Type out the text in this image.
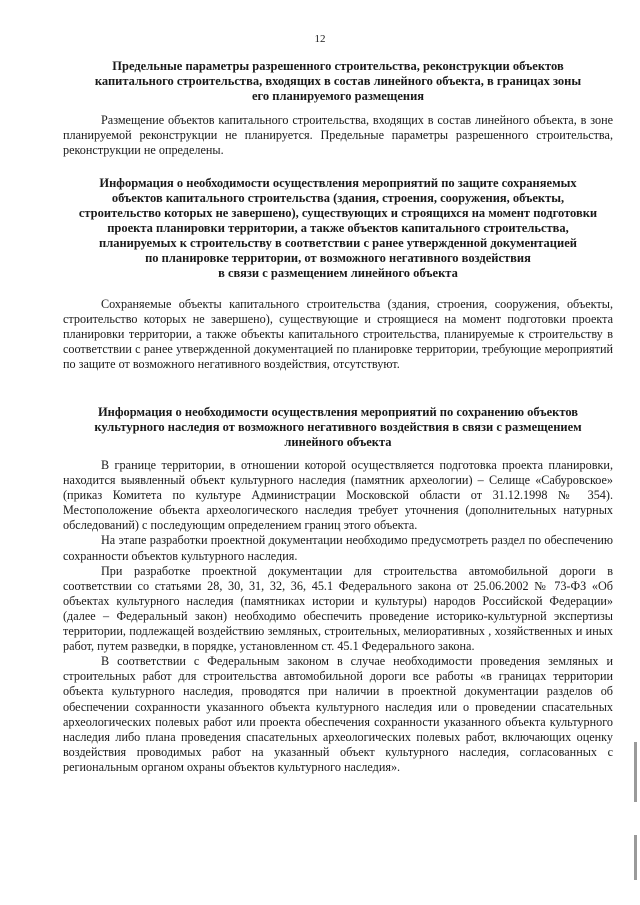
12
Предельные параметры разрешенного строительства, реконструкции объектов
капитального строительства, входящих в состав линейного объекта, в границах зоны
его планируемого размещения

Размещение объектов капитального строительства, входящих в состав линейного объекта, в зоне планируемой реконструкции не планируется. Предельные параметры разрешенного строительства, реконструкции не определены.

Информация о необходимости осуществления мероприятий по защите сохраняемых
объектов капитального строительства (здания, строения, сооружения, объекты,
строительство которых не завершено), существующих и строящихся на момент подготовки
проекта планировки территории, а также объектов капитального строительства,
планируемых к строительству в соответствии с ранее утвержденной документацией
по планировке территории, от возможного негативного воздействия
в связи с размещением линейного объекта

Сохраняемые объекты капитального строительства (здания, строения, сооружения, объекты, строительство которых не завершено), существующие и строящиеся на момент подготовки проекта планировки территории, а также объекты капитального строительства, планируемые к строительству в соответствии с ранее утвержденной документацией по планировке территории, требующие мероприятий по защите от возможного негативного воздействия, отсутствуют.

Информация о необходимости осуществления мероприятий по сохранению объектов
культурного наследия от возможного негативного воздействия в связи с размещением
линейного объекта

В границе территории, в отношении которой осуществляется подготовка проекта планировки, находится выявленный объект культурного наследия (памятник археологии) – Селище «Сабуровское» (приказ Комитета по культуре Администрации Московской области от 31.12.1998 № 354). Местоположение объекта археологического наследия требует уточнения (дополнительных натурных обследований) с последующим определением границ этого объекта.

На этапе разработки проектной документации необходимо предусмотреть раздел по обеспечению сохранности объектов культурного наследия.

При разработке проектной документации для строительства автомобильной дороги в соответствии со статьями 28, 30, 31, 32, 36, 45.1 Федерального закона от 25.06.2002 № 73-ФЗ «Об объектах культурного наследия (памятниках истории и культуры) народов Российской Федерации» (далее – Федеральный закон) необходимо обеспечить проведение историко-культурной экспертизы территории, подлежащей воздействию земляных, строительных, мелиоративных , хозяйственных и иных работ, путем разведки, в порядке, установленном ст. 45.1 Федерального закона.

В соответствии с Федеральным законом в случае необходимости проведения земляных и строительных работ для строительства автомобильной дороги все работы «в границах территории объекта культурного наследия, проводятся при наличии в проектной документации разделов об обеспечении сохранности указанного объекта культурного наследия или о проведении спасательных археологических полевых работ или проекта обеспечения сохранности указанного объекта культурного наследия либо плана проведения спасательных археологических полевых работ, включающих оценку воздействия проводимых работ на указанный объект культурного наследия, согласованных с региональным органом охраны объектов культурного наследия».
